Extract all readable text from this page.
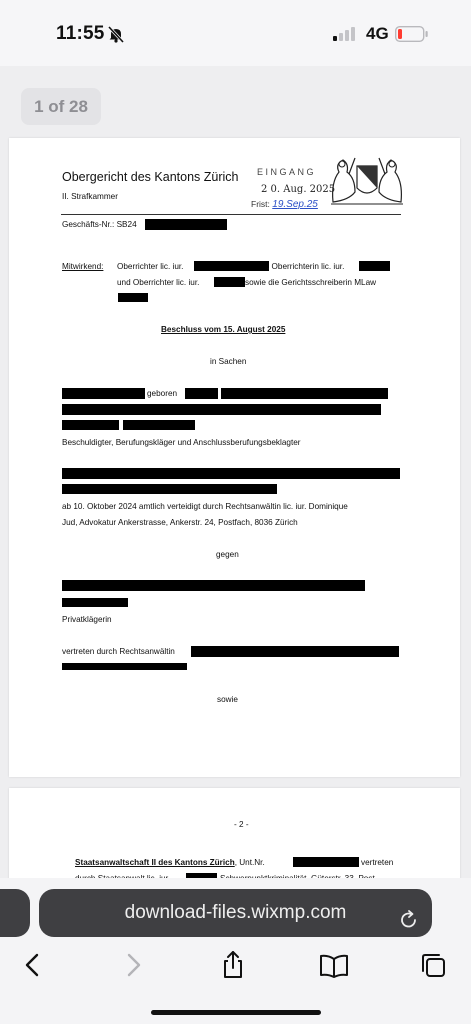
11:55	4G
1 of 28
Obergericht des Kantons Zürich
II. Strafkammer
EINGANG
2 0. Aug. 2025
Frist: 19.Sep.25
Geschäfts-Nr.: SB24
Mitwirkend: Oberrichter lic. iur.	, Oberrichterin lic. iur.
und Oberrichter lic. iur.	sowie die Gerichtsschreiberin MLaw
Beschluss vom 15. August 2025
in Sachen
geboren
Beschuldigter, Berufungskläger und Anschlussberufungsbeklagter
ab 10. Oktober 2024 amtlich verteidigt durch Rechtsanwältin lic. iur. Dominique
Jud, Advokatur Ankerstrasse, Ankerstr. 24, Postfach, 8036 Zürich
gegen
Privatklägerin
vertreten durch Rechtsanwältin
sowie
- 2 -
Staatsanwaltschaft II des Kantons Zürich, Unt.Nr.	vertreten
download-files.wixmp.com
